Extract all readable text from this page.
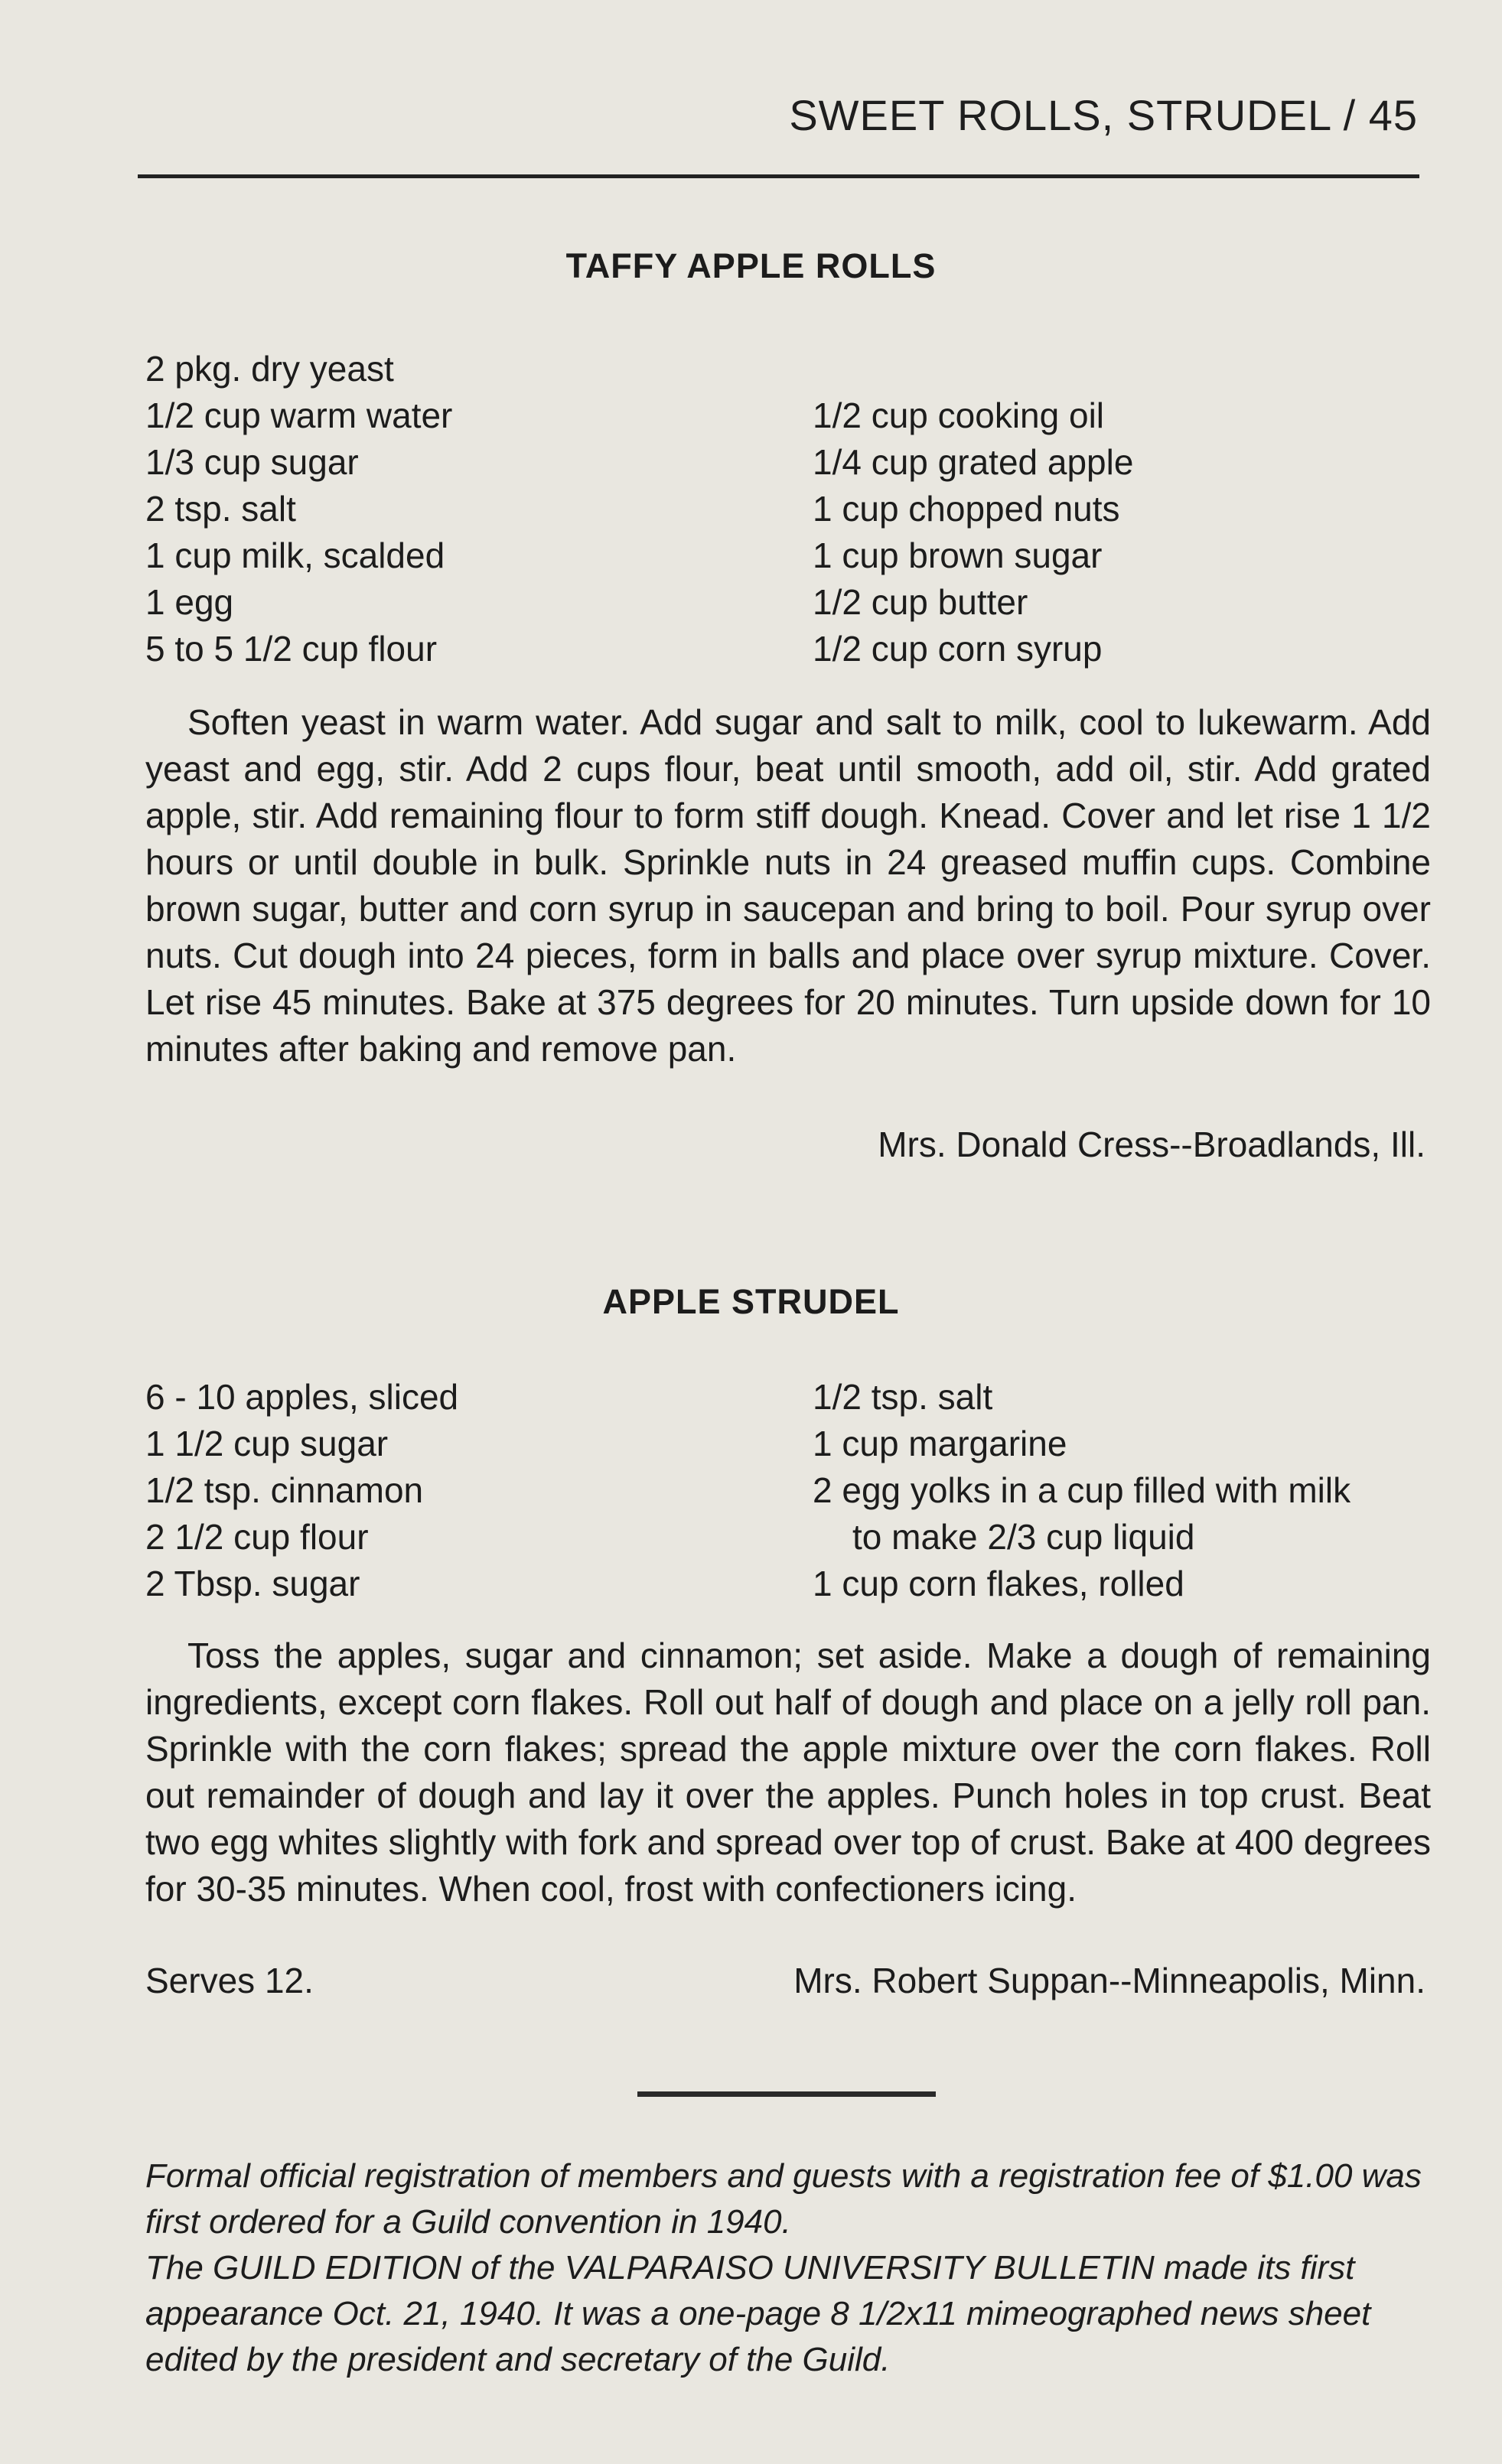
SWEET ROLLS, STRUDEL / 45
TAFFY APPLE ROLLS
2 pkg. dry yeast
1/2 cup warm water
1/3 cup sugar
2 tsp. salt
1 cup milk, scalded
1 egg
5 to 5 1/2 cup flour
1/2 cup cooking oil
1/4 cup grated apple
1 cup chopped nuts
1 cup brown sugar
1/2 cup butter
1/2 cup corn syrup
Soften yeast in warm water. Add sugar and salt to milk, cool to lukewarm. Add yeast and egg, stir. Add 2 cups flour, beat until smooth, add oil, stir. Add grated apple, stir. Add remaining flour to form stiff dough. Knead. Cover and let rise 1 1/2 hours or until double in bulk. Sprinkle nuts in 24 greased muffin cups. Combine brown sugar, butter and corn syrup in saucepan and bring to boil. Pour syrup over nuts. Cut dough into 24 pieces, form in balls and place over syrup mixture. Cover. Let rise 45 minutes. Bake at 375 degrees for 20 minutes. Turn upside down for 10 minutes after baking and remove pan.
Mrs. Donald Cress--Broadlands, Ill.
APPLE STRUDEL
6 - 10 apples, sliced
1 1/2 cup sugar
1/2 tsp. cinnamon
2 1/2 cup flour
2 Tbsp. sugar
1/2 tsp. salt
1 cup margarine
2 egg yolks in a cup filled with milk
to make 2/3 cup liquid
1 cup corn flakes, rolled
Toss the apples, sugar and cinnamon; set aside. Make a dough of remaining ingredients, except corn flakes. Roll out half of dough and place on a jelly roll pan. Sprinkle with the corn flakes; spread the apple mixture over the corn flakes. Roll out remainder of dough and lay it over the apples. Punch holes in top crust. Beat two egg whites slightly with fork and spread over top of crust. Bake at 400 degrees for 30-35 minutes. When cool, frost with confectioners icing.
Serves 12.	Mrs. Robert Suppan--Minneapolis, Minn.
Formal official registration of members and guests with a registration fee of $1.00 was first ordered for a Guild convention in 1940.
The GUILD EDITION of the VALPARAISO UNIVERSITY BULLETIN made its first appearance Oct. 21, 1940. It was a one-page 8 1/2x11 mimeographed news sheet edited by the president and secretary of the Guild.
